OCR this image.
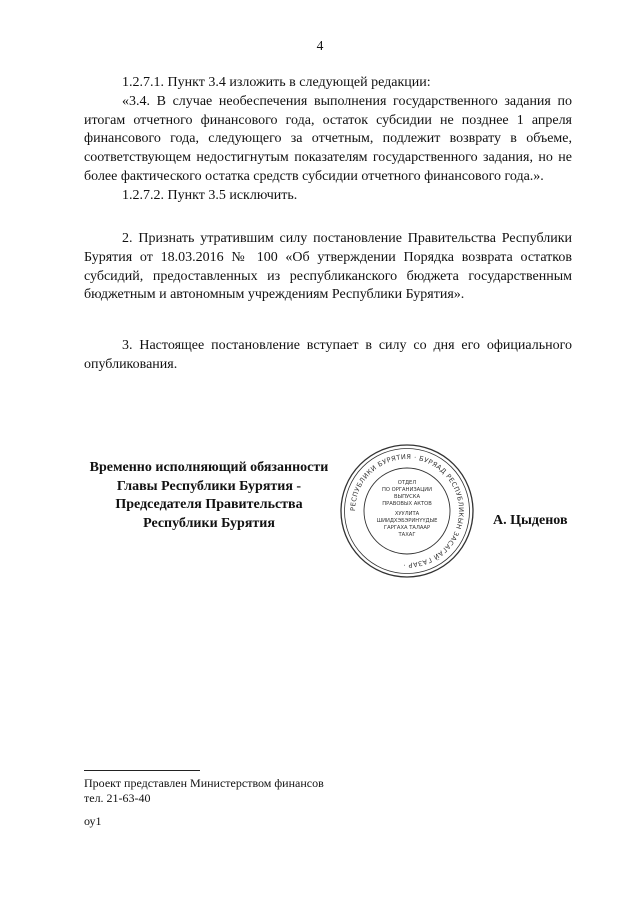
4

1.2.7.1. Пункт 3.4 изложить в следующей редакции:

«3.4. В случае необеспечения выполнения государственного задания по итогам отчетного финансового года, остаток субсидии не позднее 1 апреля финансового года, следующего за отчетным, подлежит возврату в объеме, соответствующем недостигнутым показателям государственного задания, но не более фактического остатка средств субсидии отчетного финансового года.».

1.2.7.2. Пункт 3.5 исключить.

2. Признать утратившим силу постановление Правительства Республики Бурятия от 18.03.2016 № 100 «Об утверждении Порядка возврата остатков субсидий, предоставленных из республиканского бюджета государственным бюджетным и автономным учреждениям Республики Бурятия».

3. Настоящее постановление вступает в силу со дня его официального опубликования.

Временно исполняющий обязанности
Главы Республики Бурятия -
Председателя Правительства
Республики Бурятия
РЕСПУБЛИКИ БУРЯТИЯ · БУРЯАД РЕСПУБЛИКЫН ЗАСАГАЙ ГАЗАР ·
ОТДЕЛ
ПО ОРГАНИЗАЦИИ
ВЫПУСКА
ПРАВОВЫХ АКТОВ
ХУУЛИТА
ШИИДХЭБЭРИНҮҮДЫЕ
ГАРГАХА ТАЛААР
ТАХАГ
А. Цыденов
Проект представлен Министерством финансов
тел. 21-63-40
оу1
